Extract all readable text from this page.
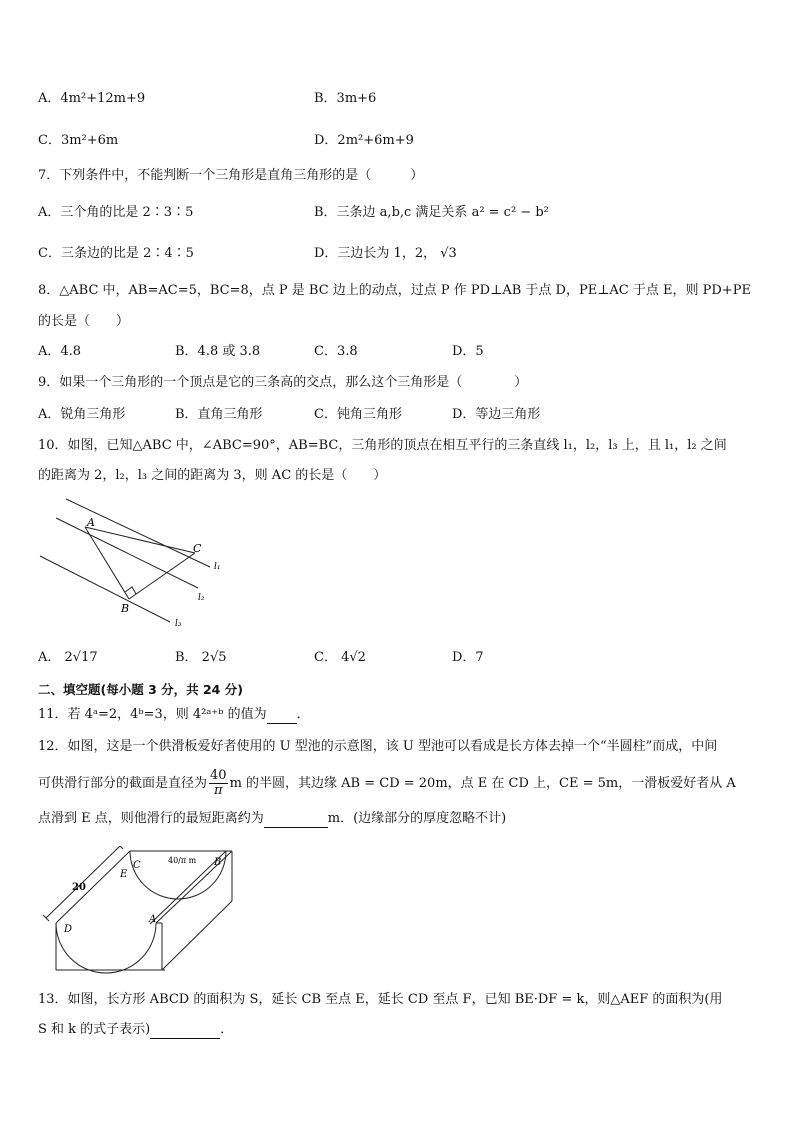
A．4m²+12m+9	B．3m+6
C．3m²+6m	D．2m²+6m+9
7．下列条件中，不能判断一个三角形是直角三角形的是（　　　）
A．三个角的比是 2∶3∶5	B．三条边 a,b,c 满足关系 a² = c² − b²
C．三条边的比是 2∶4∶5	D．三边长为 1，2， √3
8．△ABC 中，AB=AC=5，BC=8，点 P 是 BC 边上的动点，过点 P 作 PD⊥AB 于点 D，PE⊥AC 于点 E，则 PD+PE
的长是（　　）
A．4.8	B．4.8 或 3.8	C．3.8	D．5
9．如果一个三角形的一个顶点是它的三条高的交点，那么这个三角形是（　　　　）
A．锐角三角形	B．直角三角形	C．钝角三角形	D．等边三角形
10．如图，已知△ABC 中，∠ABC=90°，AB=BC，三角形的顶点在相互平行的三条直线 l₁，l₂，l₃ 上，且 l₁，l₂ 之间
的距离为 2，l₂，l₃ 之间的距离为 3，则 AC 的长是（　　）
A
B
C
l₁
l₂
l₃
A． 2√17	B． 2√5	C． 4√2	D．7
二、填空题(每小题 3 分，共 24 分)
11．若 4ᵃ=2，4ᵇ=3，则 4²ᵃ⁺ᵇ 的值为 ．
12．如图，这是一个供滑板爱好者使用的 U 型池的示意图，该 U 型池可以看成是长方体去掉一个“半圆柱”而成，中间
可供滑行部分的截面是直径为 $\frac{40}{\pi}$ m 的半圆，其边缘 AB = CD = 20m，点 E 在 CD 上，CE = 5m，一滑板爱好者从 A
点滑到 E 点，则他滑行的最短距离约为	m．(边缘部分的厚度忽略不计)
C	B
E
A
D
20
40/π m
13．如图，长方形 ABCD 的面积为 S，延长 CB 至点 E，延长 CD 至点 F，已知 BE·DF = k，则△AEF 的面积为(用
S 和 k 的式子表示)	．
